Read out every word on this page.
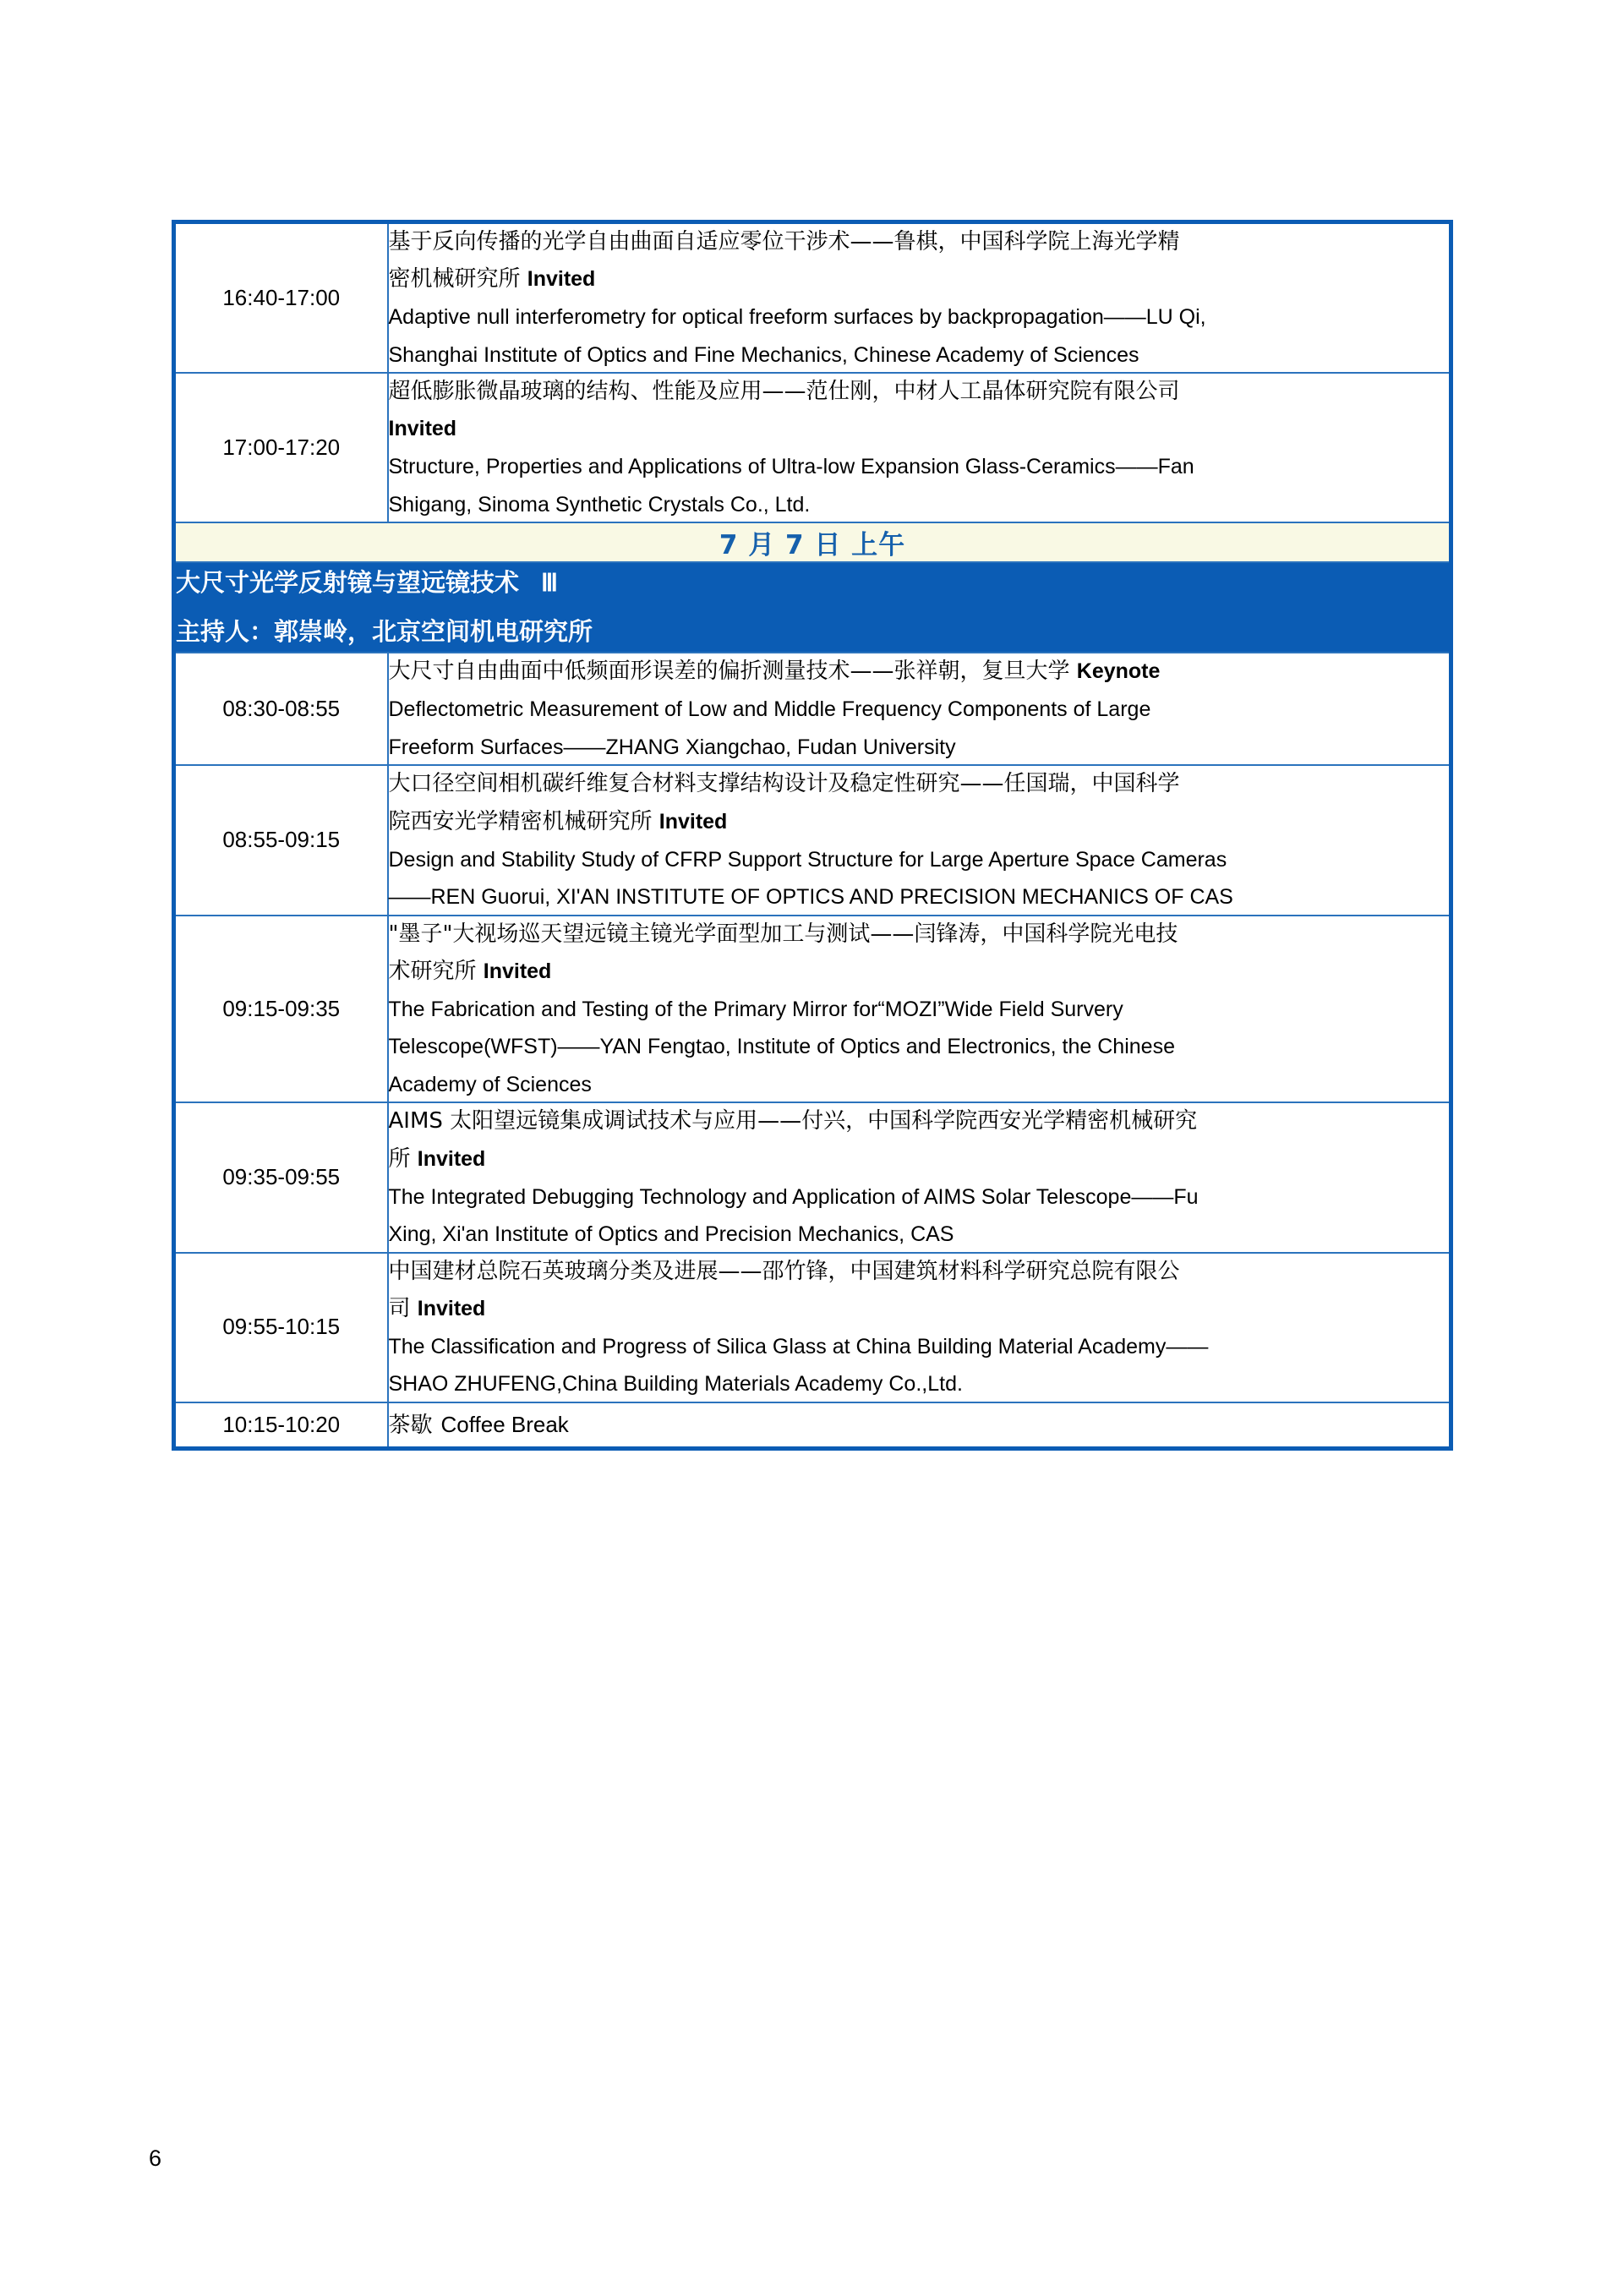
16:40-17:00	基于反向传播的光学自由曲面自适应零位干涉术——鲁棋，中国科学院上海光学精
密机械研究所 Invited
Adaptive null interferometry for optical freeform surfaces by backpropagation——LU Qi,
Shanghai Institute of Optics and Fine Mechanics, Chinese Academy of Sciences

17:00-17:20	超低膨胀微晶玻璃的结构、性能及应用——范仕刚，中材人工晶体研究院有限公司
Invited
Structure, Properties and Applications of Ultra-low Expansion Glass-Ceramics——Fan
Shigang, Sinoma Synthetic Crystals Co., Ltd.

7 月 7 日 上午	

大尺寸光学反射镜与望远镜技术 Ⅲ
主持人：郭崇岭，北京空间机电研究所	

08:30-08:55	大尺寸自由曲面中低频面形误差的偏折测量技术——张祥朝，复旦大学 Keynote
Deflectometric Measurement of Low and Middle Frequency Components of Large
Freeform Surfaces——ZHANG Xiangchao, Fudan University

08:55-09:15	大口径空间相机碳纤维复合材料支撑结构设计及稳定性研究——任国瑞，中国科学
院西安光学精密机械研究所 Invited
Design and Stability Study of CFRP Support Structure for Large Aperture Space Cameras
——REN Guorui, XI'AN INSTITUTE OF OPTICS AND PRECISION MECHANICS OF CAS

09:15-09:35	"墨子"大视场巡天望远镜主镜光学面型加工与测试——闫锋涛，中国科学院光电技
术研究所 Invited
The Fabrication and Testing of the Primary Mirror for“MOZI”Wide Field Survery
Telescope(WFST)——YAN Fengtao, Institute of Optics and Electronics, the Chinese
Academy of Sciences

09:35-09:55	AIMS 太阳望远镜集成调试技术与应用——付兴，中国科学院西安光学精密机械研究
所 Invited
The Integrated Debugging Technology and Application of AIMS Solar Telescope——Fu
Xing, Xi'an Institute of Optics and Precision Mechanics, CAS

09:55-10:15	中国建材总院石英玻璃分类及进展——邵竹锋，中国建筑材料科学研究总院有限公
司 Invited
The Classification and Progress of Silica Glass at China Building Material Academy——
SHAO ZHUFENG,China Building Materials Academy Co.,Ltd.

10:15-10:20	茶歇 Coffee Break
6
